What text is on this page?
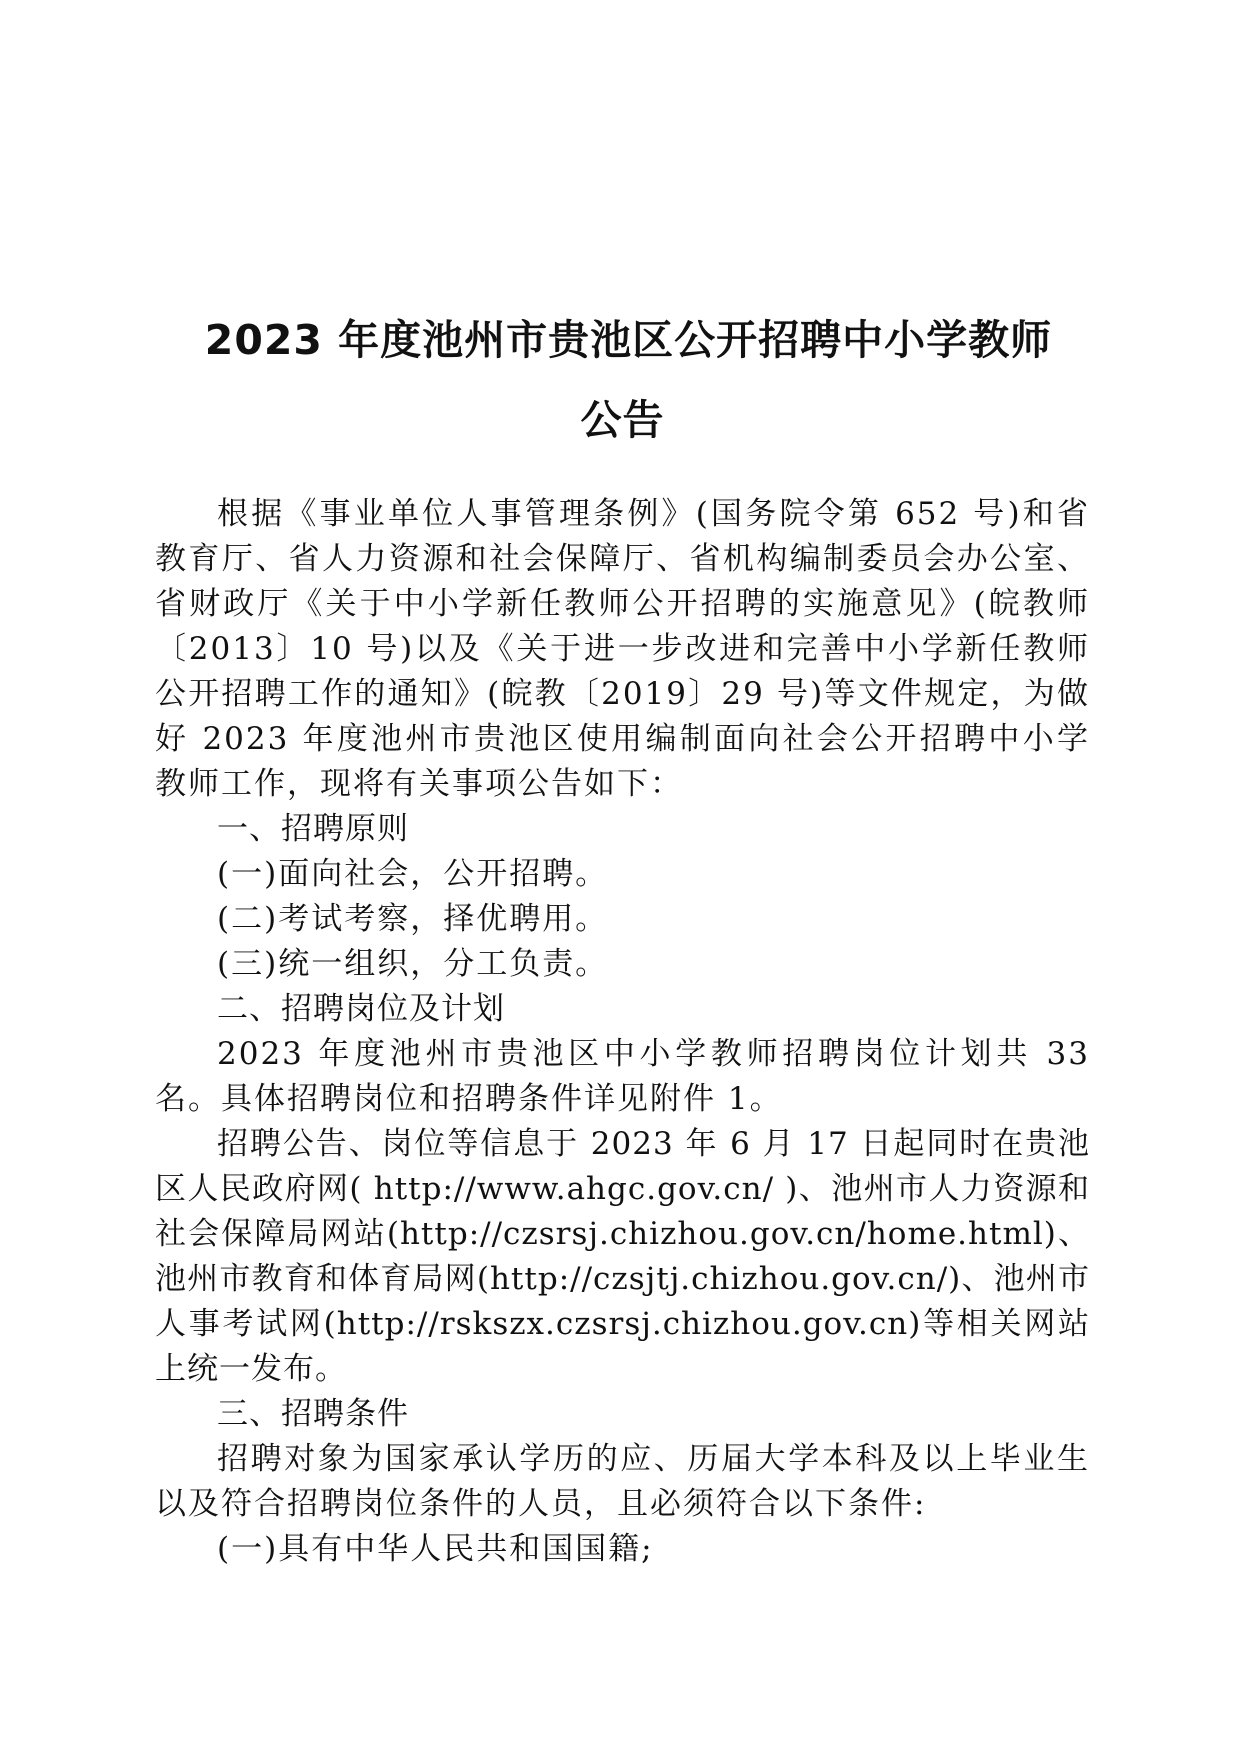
2023 年度池州市贵池区公开招聘中小学教师
公告

根据《事业单位人事管理条例》(国务院令第 652 号)和省教育厅、省人力资源和社会保障厅、省机构编制委员会办公室、省财政厅《关于中小学新任教师公开招聘的实施意见》(皖教师〔2013〕10 号)以及《关于进一步改进和完善中小学新任教师公开招聘工作的通知》(皖教〔2019〕29 号)等文件规定，为做好 2023 年度池州市贵池区使用编制面向社会公开招聘中小学教师工作，现将有关事项公告如下：

一、招聘原则

(一)面向社会，公开招聘。

(二)考试考察，择优聘用。

(三)统一组织，分工负责。

二、招聘岗位及计划

2023 年度池州市贵池区中小学教师招聘岗位计划共 33 名。具体招聘岗位和招聘条件详见附件 1。

招聘公告、岗位等信息于 2023 年 6 月 17 日起同时在贵池区人民政府网( http://www.ahgc.gov.cn/ )、池州市人力资源和社会保障局网站(http://czsrsj.chizhou.gov.cn/home.html)、池州市教育和体育局网(http://czsjtj.chizhou.gov.cn/)、池州市人事考试网(http://rskszx.czsrsj.chizhou.gov.cn)等相关网站上统一发布。

三、招聘条件

招聘对象为国家承认学历的应、历届大学本科及以上毕业生以及符合招聘岗位条件的人员，且必须符合以下条件:

(一)具有中华人民共和国国籍;
